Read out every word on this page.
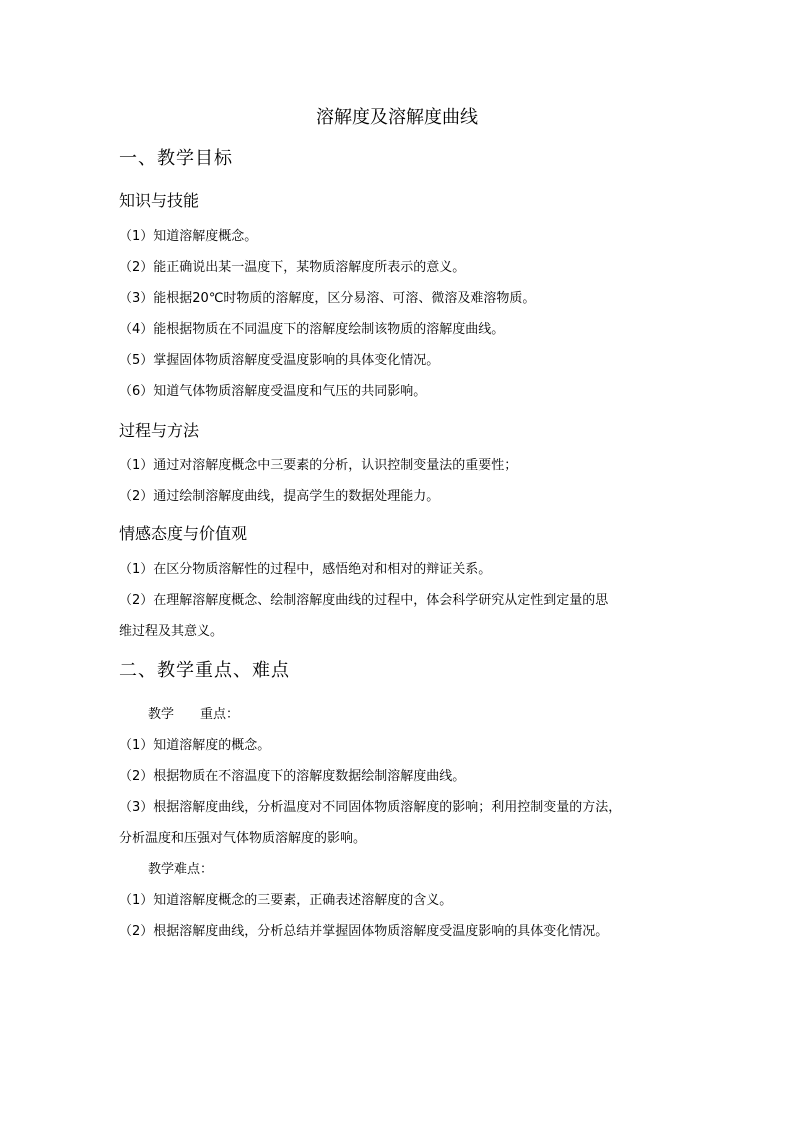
溶解度及溶解度曲线
一、教学目标
知识与技能
（1）知道溶解度概念。
（2）能正确说出某一温度下，某物质溶解度所表示的意义。
（3）能根据20℃时物质的溶解度，区分易溶、可溶、微溶及难溶物质。
（4）能根据物质在不同温度下的溶解度绘制该物质的溶解度曲线。
（5）掌握固体物质溶解度受温度影响的具体变化情况。
（6）知道气体物质溶解度受温度和气压的共同影响。
过程与方法
（1）通过对溶解度概念中三要素的分析，认识控制变量法的重要性；
（2）通过绘制溶解度曲线，提高学生的数据处理能力。
情感态度与价值观
（1）在区分物质溶解性的过程中，感悟绝对和相对的辩证关系。
（2）在理解溶解度概念、绘制溶解度曲线的过程中，体会科学研究从定性到定量的思
维过程及其意义。
二、教学重点、难点
教学 重点：
（1）知道溶解度的概念。
（2）根据物质在不溶温度下的溶解度数据绘制溶解度曲线。
（3）根据溶解度曲线，分析温度对不同固体物质溶解度的影响；利用控制变量的方法，
分析温度和压强对气体物质溶解度的影响。
教学难点：
（1）知道溶解度概念的三要素，正确表述溶解度的含义。
（2）根据溶解度曲线，分析总结并掌握固体物质溶解度受温度影响的具体变化情况。
